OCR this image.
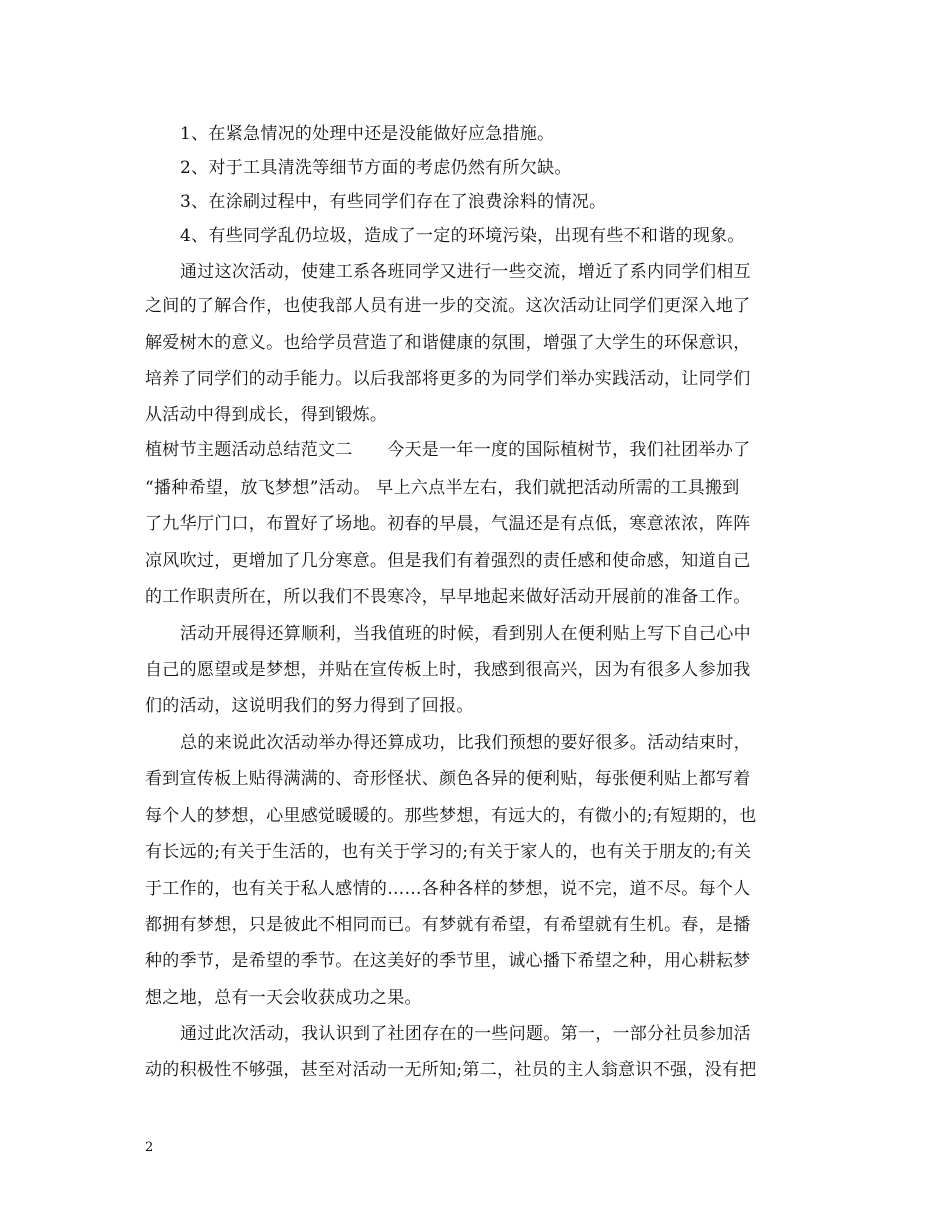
1、在紧急情况的处理中还是没能做好应急措施。
2、对于工具清洗等细节方面的考虑仍然有所欠缺。
3、在涂刷过程中，有些同学们存在了浪费涂料的情况。
4、有些同学乱仍垃圾，造成了一定的环境污染，出现有些不和谐的现象。
通过这次活动，使建工系各班同学又进行一些交流，增近了系内同学们相互
之间的了解合作，也使我部人员有进一步的交流。这次活动让同学们更深入地了
解爱树木的意义。也给学员营造了和谐健康的氛围，增强了大学生的环保意识，
培养了同学们的动手能力。以后我部将更多的为同学们举办实践活动，让同学们
从活动中得到成长，得到锻炼。
植树节主题活动总结范文二　　今天是一年一度的国际植树节，我们社团举办了
“播种希望，放飞梦想”活动。 早上六点半左右，我们就把活动所需的工具搬到
了九华厅门口，布置好了场地。初春的早晨，气温还是有点低，寒意浓浓，阵阵
凉风吹过，更增加了几分寒意。但是我们有着强烈的责任感和使命感，知道自己
的工作职责所在，所以我们不畏寒冷，早早地起来做好活动开展前的准备工作。
活动开展得还算顺利，当我值班的时候，看到别人在便利贴上写下自己心中
自己的愿望或是梦想，并贴在宣传板上时，我感到很高兴，因为有很多人参加我
们的活动，这说明我们的努力得到了回报。
总的来说此次活动举办得还算成功，比我们预想的要好很多。活动结束时，
看到宣传板上贴得满满的、奇形怪状、颜色各异的便利贴，每张便利贴上都写着
每个人的梦想，心里感觉暖暖的。那些梦想，有远大的，有微小的;有短期的，也
有长远的;有关于生活的，也有关于学习的;有关于家人的，也有关于朋友的;有关
于工作的，也有关于私人感情的……各种各样的梦想，说不完，道不尽。每个人
都拥有梦想，只是彼此不相同而已。有梦就有希望，有希望就有生机。春，是播
种的季节，是希望的季节。在这美好的季节里，诚心播下希望之种，用心耕耘梦
想之地，总有一天会收获成功之果。
通过此次活动，我认识到了社团存在的一些问题。第一，一部分社员参加活
动的积极性不够强，甚至对活动一无所知;第二，社员的主人翁意识不强，没有把
2
